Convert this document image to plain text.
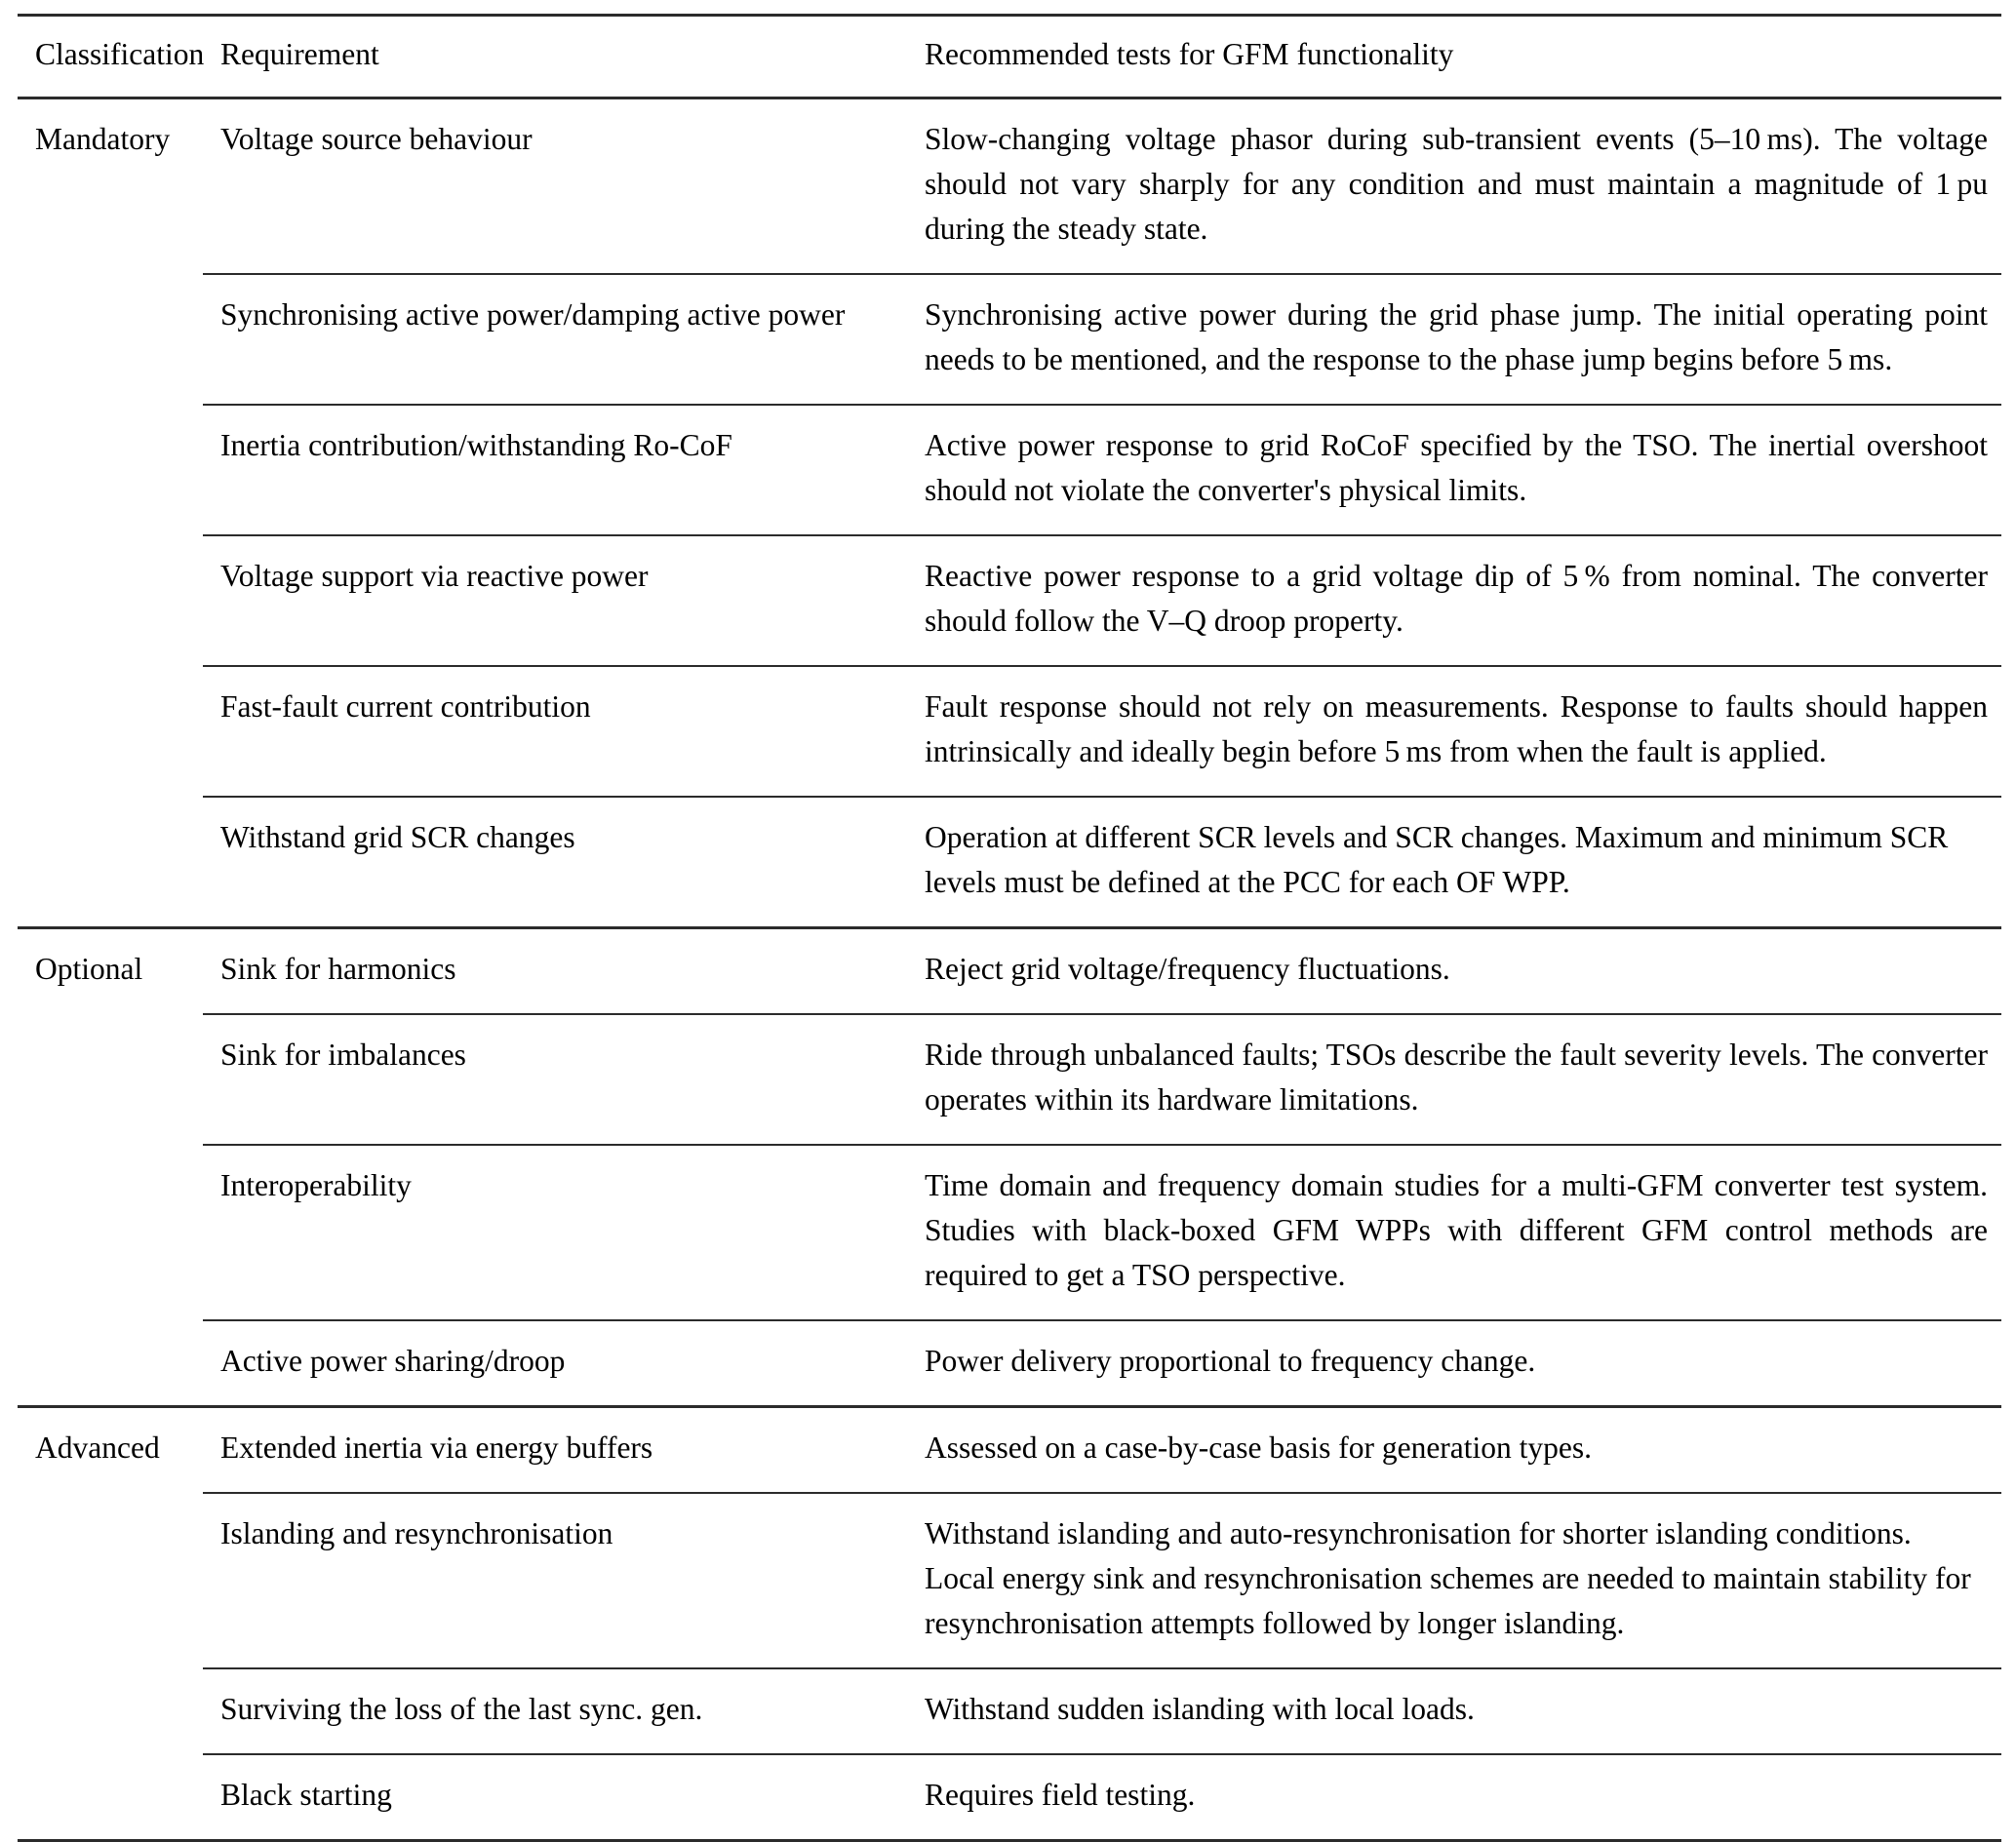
Classification	Requirement	Recommended tests for GFM functionality
Mandatory	Voltage source behaviour	Slow-changing voltage phasor during sub-transient events (5–10 ms). The voltage should not vary sharply for any condition and must maintain a magnitude of 1 pu during the steady state.
	Synchronising active power/damping active power	Synchronising active power during the grid phase jump. The initial operating point needs to be mentioned, and the response to the phase jump begins before 5 ms.
	Inertia contribution/withstanding Ro-CoF	Active power response to grid RoCoF specified by the TSO. The inertial overshoot should not violate the converter's physical limits.
	Voltage support via reactive power	Reactive power response to a grid voltage dip of 5 % from nominal. The converter should follow the V–Q droop property.
	Fast-fault current contribution	Fault response should not rely on measurements. Response to faults should happen intrinsically and ideally begin before 5 ms from when the fault is applied.
	Withstand grid SCR changes	Operation at different SCR levels and SCR changes. Maximum and minimum SCR levels must be defined at the PCC for each OF WPP.
Optional	Sink for harmonics	Reject grid voltage/frequency fluctuations.
	Sink for imbalances	Ride through unbalanced faults; TSOs describe the fault severity levels. The converter operates within its hardware limitations.
	Interoperability	Time domain and frequency domain studies for a multi-GFM converter test system. Studies with black-boxed GFM WPPs with different GFM control methods are required to get a TSO perspective.
	Active power sharing/droop	Power delivery proportional to frequency change.
Advanced	Extended inertia via energy buffers	Assessed on a case-by-case basis for generation types.
	Islanding and resynchronisation	Withstand islanding and auto-resynchronisation for shorter islanding conditions. Local energy sink and resynchronisation schemes are needed to maintain stability for resynchronisation attempts followed by longer islanding.
	Surviving the loss of the last sync. gen.	Withstand sudden islanding with local loads.
	Black starting	Requires field testing.
